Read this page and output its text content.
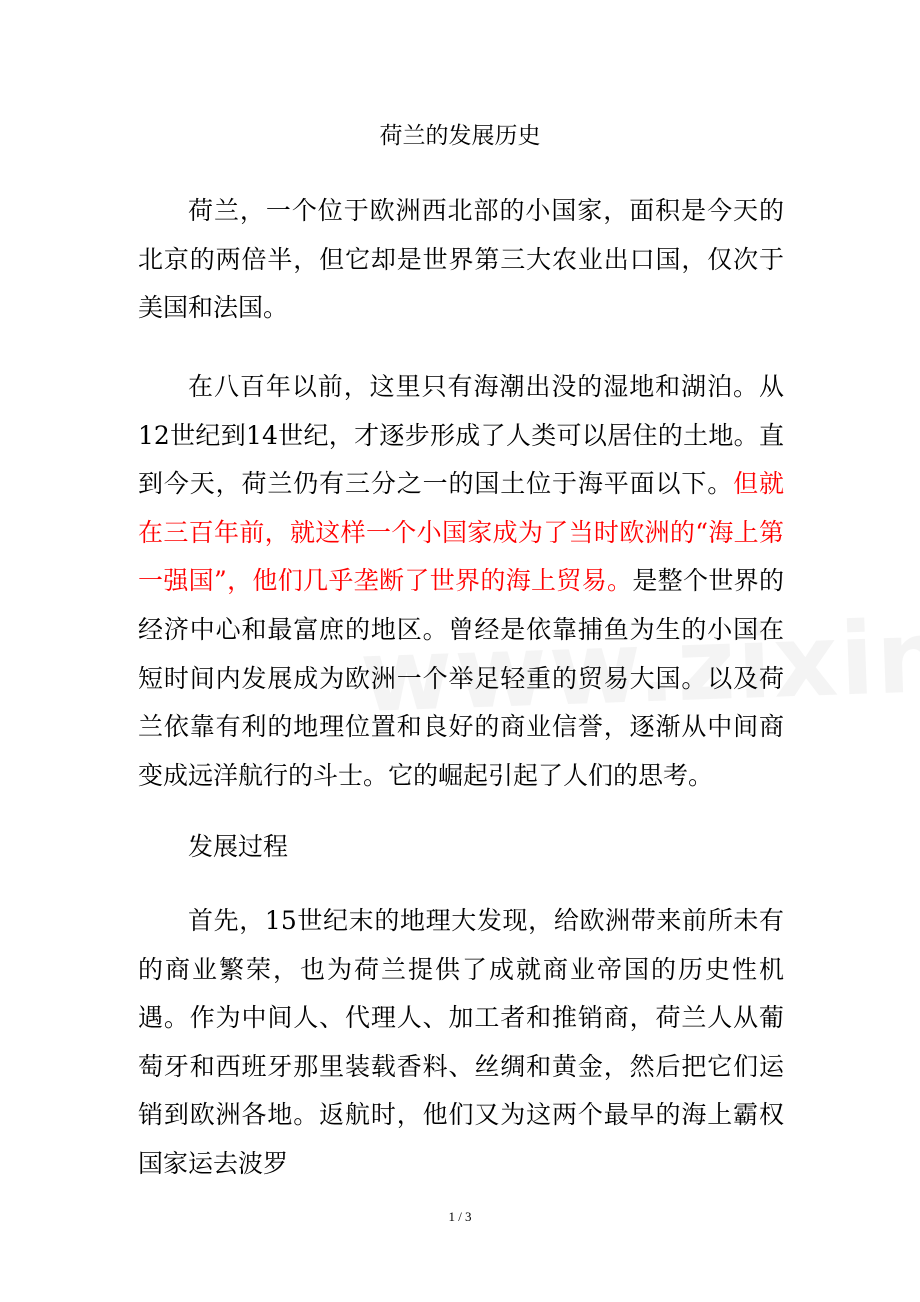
荷兰的发展历史

荷兰，一个位于欧洲西北部的小国家，面积是今天的北京的两倍半，但它却是世界第三大农业出口国，仅次于美国和法国。

在八百年以前，这里只有海潮出没的湿地和湖泊。从12世纪到14世纪，才逐步形成了人类可以居住的土地。直到今天，荷兰仍有三分之一的国土位于海平面以下。但就在三百年前，就这样一个小国家成为了当时欧洲的“海上第一强国”，他们几乎垄断了世界的海上贸易。是整个世界的经济中心和最富庶的地区。曾经是依靠捕鱼为生的小国在短时间内发展成为欧洲一个举足轻重的贸易大国。以及荷兰依靠有利的地理位置和良好的商业信誉，逐渐从中间商变成远洋航行的斗士。它的崛起引起了人们的思考。

发展过程

首先，15世纪末的地理大发现，给欧洲带来前所未有的商业繁荣，也为荷兰提供了成就商业帝国的历史性机遇。作为中间人、代理人、加工者和推销商，荷兰人从葡萄牙和西班牙那里装载香料、丝绸和黄金，然后把它们运销到欧洲各地。返航时，他们又为这两个最早的海上霸权国家运去波罗

1 / 3
